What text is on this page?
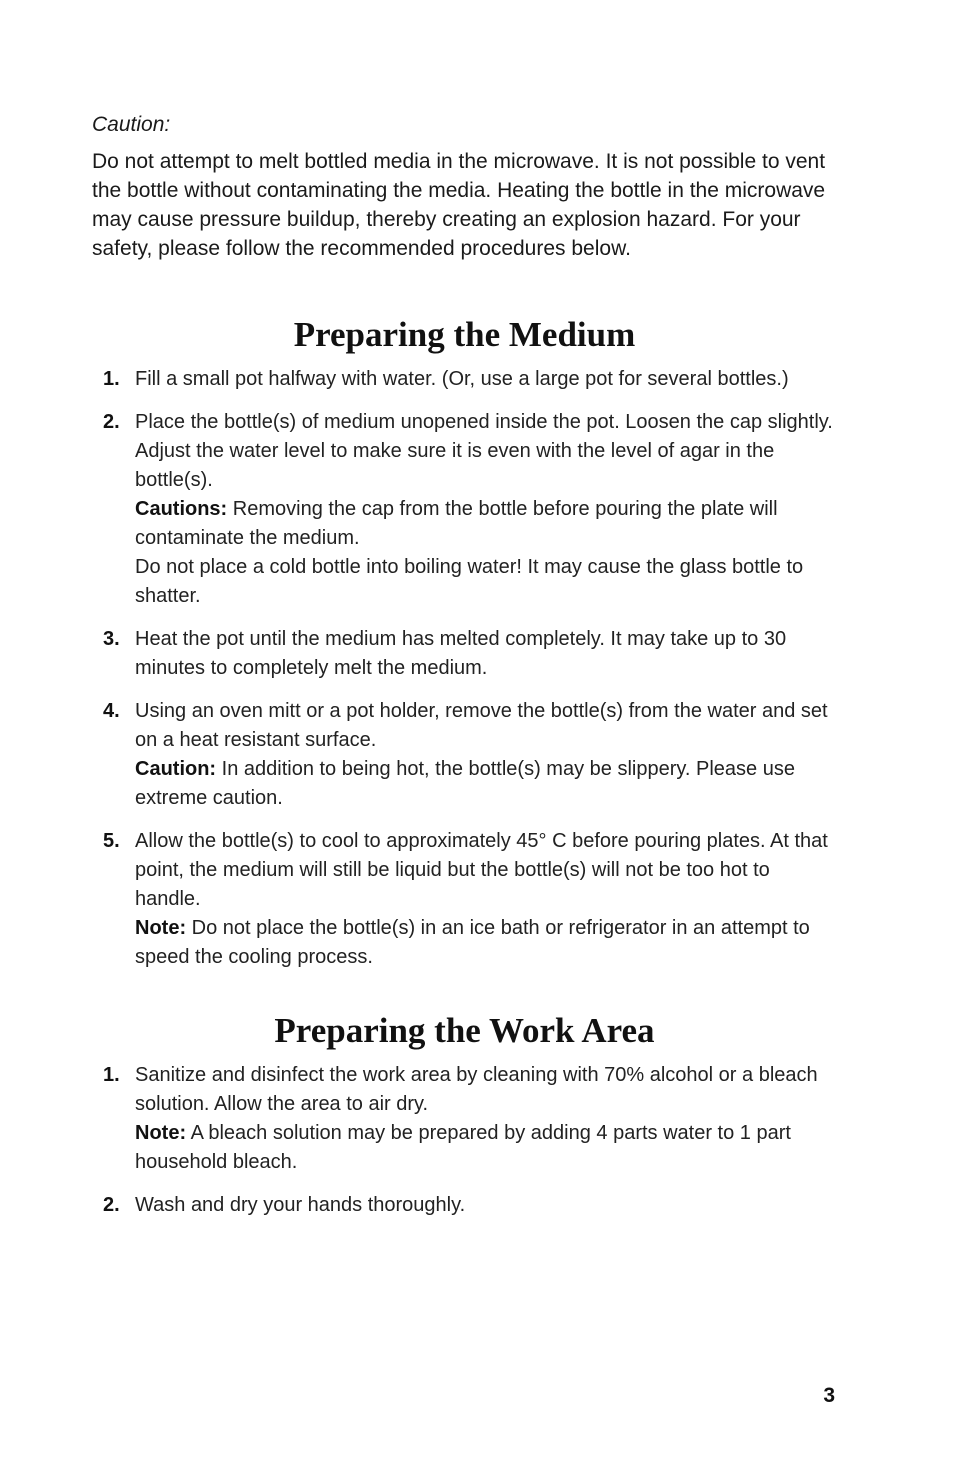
Caution:

Do not attempt to melt bottled media in the microwave. It is not possible to vent the bottle without contaminating the media. Heating the bottle in the microwave may cause pressure buildup, thereby creating an explosion hazard. For your safety, please follow the recommended procedures below.

Preparing the Medium
1. Fill a small pot halfway with water. (Or, use a large pot for several bottles.)

2. Place the bottle(s) of medium unopened inside the pot. Loosen the cap slightly. Adjust the water level to make sure it is even with the level of agar in the bottle(s).

Cautions: Removing the cap from the bottle before pouring the plate will contaminate the medium.

Do not place a cold bottle into boiling water! It may cause the glass bottle to shatter.

3. Heat the pot until the medium has melted completely. It may take up to 30 minutes to completely melt the medium.

4. Using an oven mitt or a pot holder, remove the bottle(s) from the water and set on a heat resistant surface.

Caution: In addition to being hot, the bottle(s) may be slippery. Please use extreme caution.

5. Allow the bottle(s) to cool to approximately 45° C before pouring plates. At that point, the medium will still be liquid but the bottle(s) will not be too hot to handle.

Note: Do not place the bottle(s) in an ice bath or refrigerator in an attempt to speed the cooling process.

Preparing the Work Area
1. Sanitize and disinfect the work area by cleaning with 70% alcohol or a bleach solution. Allow the area to air dry.

Note: A bleach solution may be prepared by adding 4 parts water to 1 part household bleach.

2. Wash and dry your hands thoroughly.

3
